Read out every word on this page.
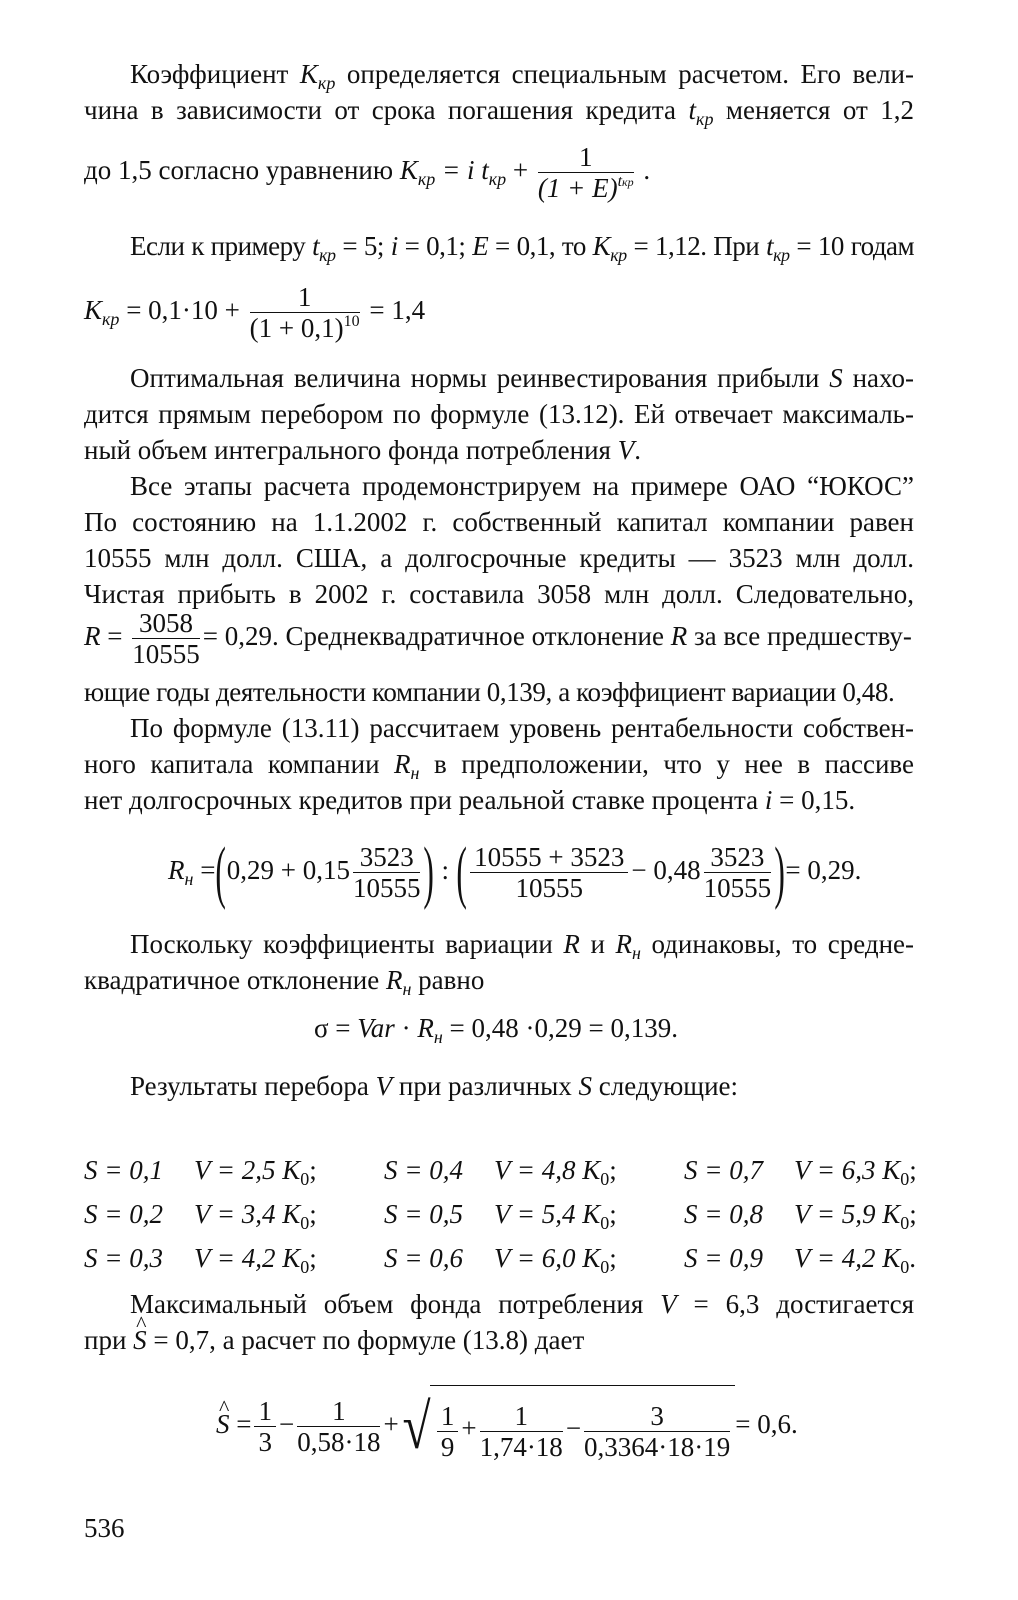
Коэффициент $K_{кр}$ определяется специальным расчетом. Его вели-
чина в зависимости от срока погашения кредита $t_{кр}$ меняется от 1,2
до 1,5 согласно уравнению $K_{кр} = i$ $t_{кр} + \frac{1}{(1 + E)^{tкр}}$ .
Если к примеру $t_{кр} = 5$; i = 0,1; E = 0,1, то $K_{кр} = 1,12$. При $t_{кр} = 10$ годам
$K_{кр} = 0,1\cdot 10 + \frac{1}{(1 + 0,1)^{10}} = 1,4$
Оптимальная величина нормы реинвестирования прибыли S нахо-
дится прямым перебором по формуле (13.12). Ей отвечает максималь-
ный объем интегрального фонда потребления V.
Все этапы расчета продемонстрируем на примере ОАО “ЮКОС”
По состоянию на 1.1.2002 г. собственный капитал компании равен
10555 млн долл. США, а долгосрочные кредиты — 3523 млн долл.
Чистая прибыть в 2002 г. составила 3058 млн долл. Следовательно,
$R = \frac{3058}{10555} = 0,29$. Среднеквадратичное отклонение R за все предшеству-
ющие годы деятельности компании 0,139, а коэффициент вариации 0,48.
По формуле (13.11) рассчитаем уровень рентабельности собствен-
ного капитала компании $R_н$ в предположении, что у нее в пассиве
нет долгосрочных кредитов при реальной ставке процента i = 0,15.
$R_н =(0,29 + 0,15 \frac{3523}{10555}$ ) : ( $\frac{10555 + 3523}{10555} - 0,48 \frac{3523}{10555}$ )= 0,29.
Поскольку коэффициенты вариации R и $R_н$ одинаковы, то средне-
квадратичное отклонение $R_н$ равно
σ = Var · $R_н = 0,48 \cdot 0,29 = 0,139$.
Результаты перебора V при различных S следующие:
S = 0,1 V = 2,5 $K_0$;	S = 0,4 V = 4,8 $K_0$;	S = 0,7 V = 6,3 $K_0$;
S = 0,2 V = 3,4 $K_0$;	S = 0,5 V = 5,4 $K_0$;	S = 0,8 V = 5,9 $K_0$;
S = 0,3 V = 4,2 $K_0$;	S = 0,6 V = 6,0 $K_0$;	S = 0,9 V = 4,2 $K_0$.
Максимальный объем фонда потребления V = 6,3 достигается
при ^ S = 0,7, а расчет по формуле (13.8) дает
^ $S = \frac{1}{3} - \frac{1}{0,58\cdot 18}$ +√ $\frac{1}{9} + \frac{1}{1,74\cdot 18} - \frac{3}{0,3364\cdot 18\cdot 19} = 0,6$.
536
